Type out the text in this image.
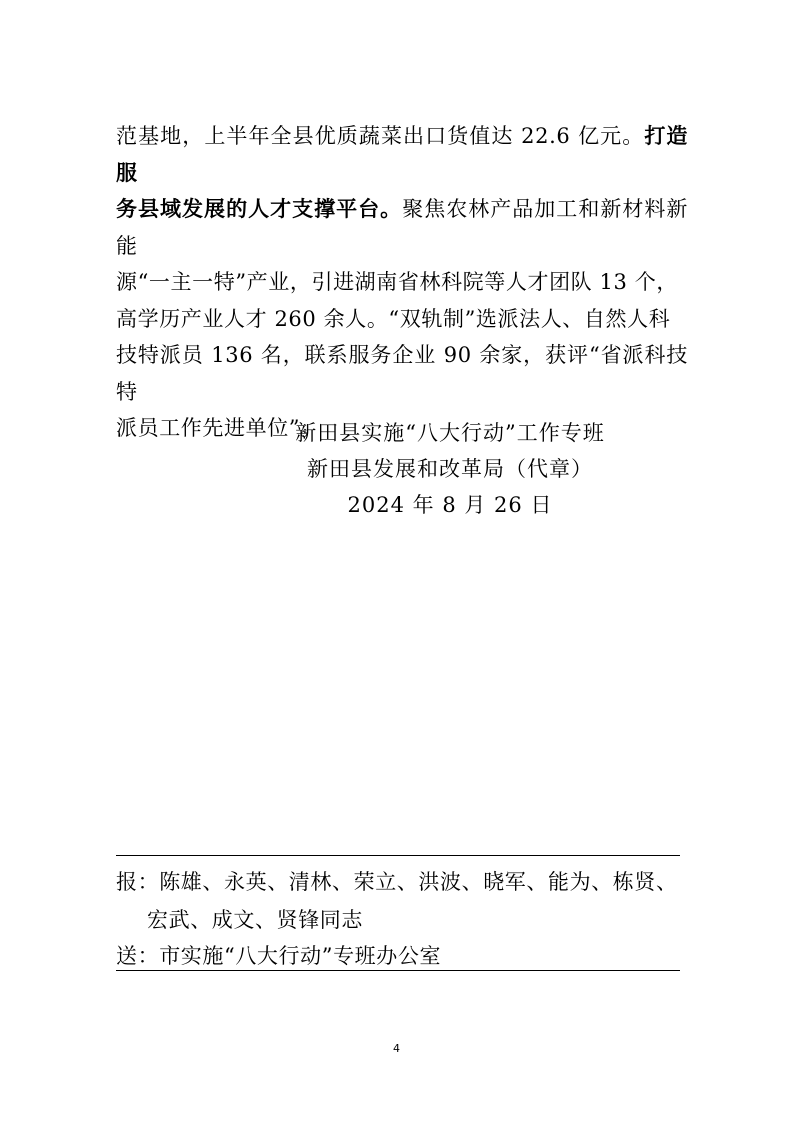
范基地，上半年全县优质蔬菜出口货值达 22.6 亿元。打造服

务县域发展的人才支撑平台。聚焦农林产品加工和新材料新能

源“一主一特”产业，引进湖南省林科院等人才团队 13 个，

高学历产业人才 260 余人。“双轨制”选派法人、自然人科

技特派员 136 名，联系服务企业 90 余家，获评“省派科技特

派员工作先进单位”。

新田县实施“八大行动”工作专班
新田县发展和改革局（代章）
2024 年 8 月 26 日
报：陈雄、永英、清林、荣立、洪波、晓军、能为、栋贤、
宏武、成文、贤锋同志
送：市实施“八大行动”专班办公室
4
